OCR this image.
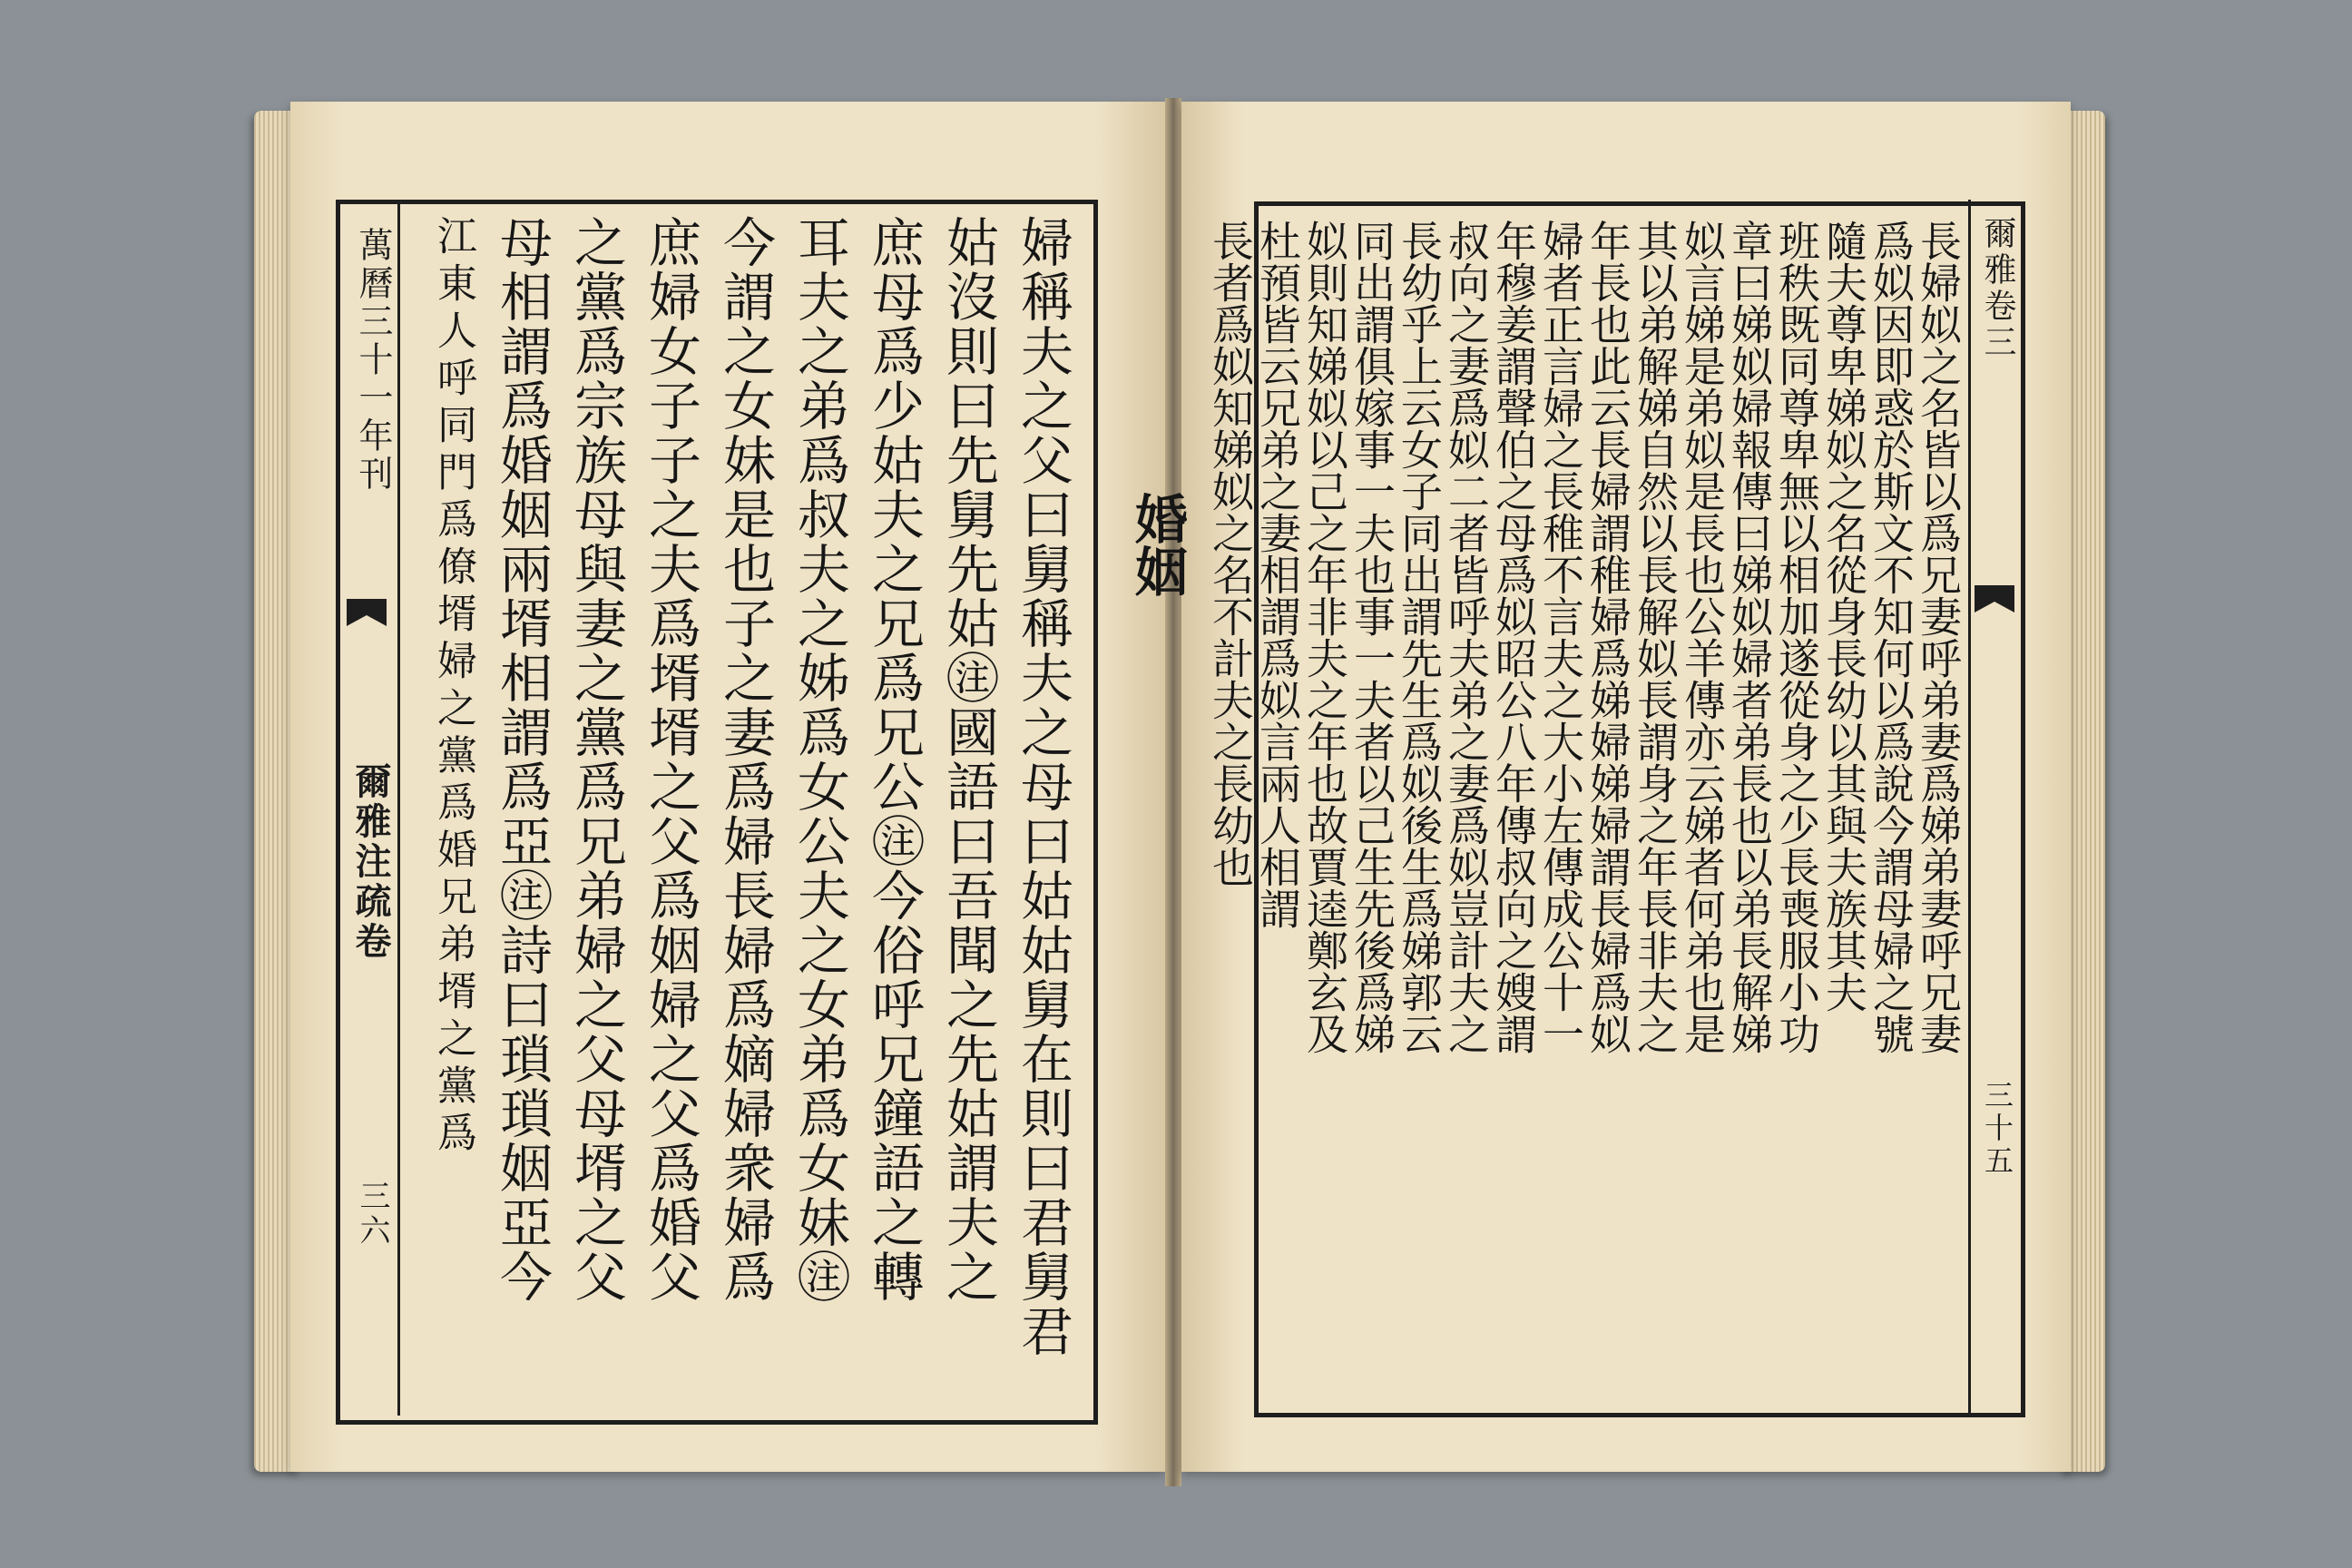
萬曆三十一年刊
爾雅注疏卷
三六	婦稱夫之父曰舅稱夫之母曰姑姑舅在則曰君舅君
姑沒則曰先舅先姑㊟國語曰吾聞之先姑謂夫之
庶母爲少姑夫之兄爲兄公㊟今俗呼兄鐘語之轉
耳夫之弟爲叔夫之姊爲女公夫之女弟爲女妹㊟
今謂之女妹是也子之妻爲婦長婦爲嫡婦衆婦爲
庶婦女子子之夫爲壻壻之父爲姻婦之父爲婚父
之黨爲宗族母與妻之黨爲兄弟婦之父母壻之父
母相謂爲婚姻兩壻相謂爲亞㊟詩曰瑣瑣姻亞今
江東人呼同門爲僚壻婦之黨爲婚兄弟壻之黨爲	爾雅卷三
三十五
長婦姒之名皆以爲兄妻呼弟妻爲娣弟妻呼兄妻
爲姒因即惑於斯文不知何以爲說今謂母婦之號
隨夫尊卑娣姒之名從身長幼以其與夫族其夫
班秩既同尊卑無以相加遂從身之少長喪服小功
章曰娣姒婦報傳曰娣姒婦者弟長也以弟長解娣
姒言娣是弟姒是長也公羊傳亦云娣者何弟也是
其以弟解娣自然以長解姒長謂身之年長非夫之
年長也此云長婦謂稚婦爲娣婦娣婦謂長婦爲姒
婦者正言婦之長稚不言夫之大小左傳成公十一
年穆姜謂聲伯之母爲姒昭公八年傳叔向之嫂謂
叔向之妻爲姒二者皆呼夫弟之妻爲姒豈計夫之
長幼乎上云女子同出謂先生爲姒後生爲娣郭云
同出謂俱嫁事一夫也事一夫者以己生先後爲娣
姒則知娣姒以己之年非夫之年也故賈逵鄭玄及
杜預皆云兄弟之妻相謂爲姒言兩人相謂
長者爲姒知娣姒之名不計夫之長幼也
婚姻
